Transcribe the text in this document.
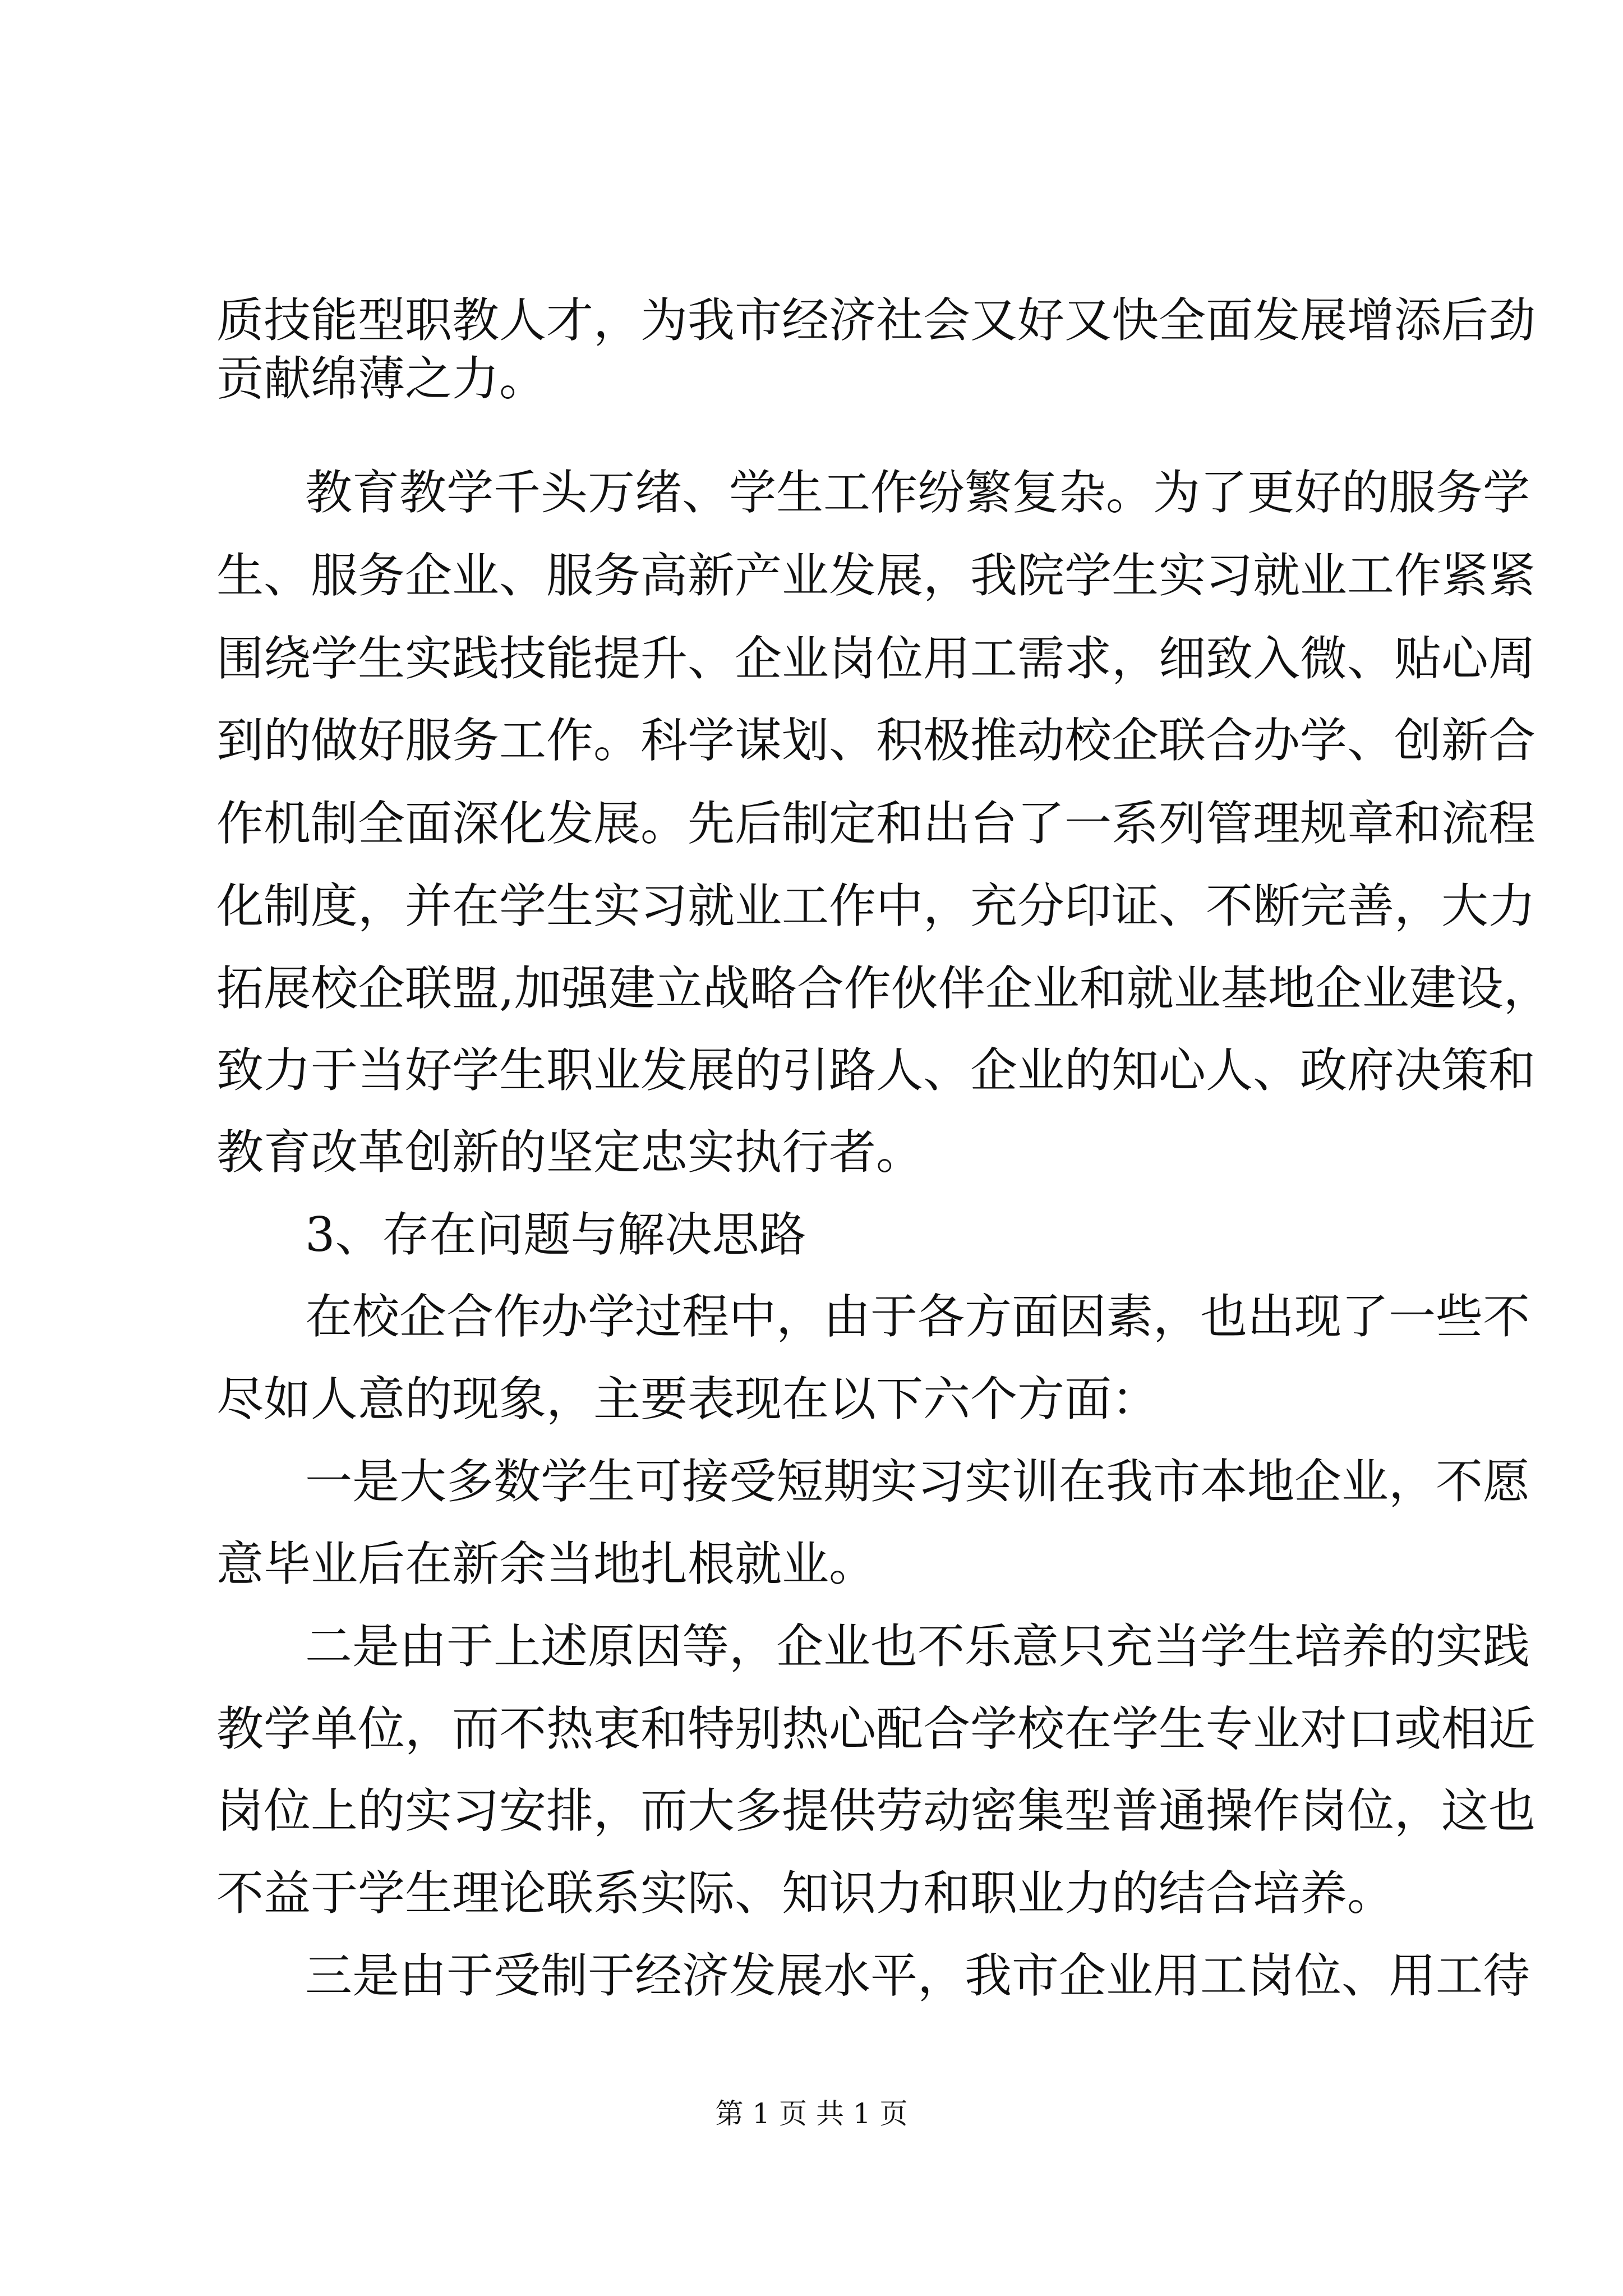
质技能型职教人才，为我市经济社会又好又快全面发展增添后劲
贡献绵薄之力。
教育教学千头万绪、学生工作纷繁复杂。为了更好的服务学
生、服务企业、服务高新产业发展，我院学生实习就业工作紧紧
围绕学生实践技能提升、企业岗位用工需求，细致入微、贴心周
到的做好服务工作。科学谋划、积极推动校企联合办学、创新合
作机制全面深化发展。先后制定和出台了一系列管理规章和流程
化制度，并在学生实习就业工作中，充分印证、不断完善，大力
拓展校企联盟,加强建立战略合作伙伴企业和就业基地企业建设，
致力于当好学生职业发展的引路人、企业的知心人、政府决策和
教育改革创新的坚定忠实执行者。
3、存在问题与解决思路
在校企合作办学过程中，由于各方面因素，也出现了一些不
尽如人意的现象，主要表现在以下六个方面：
一是大多数学生可接受短期实习实训在我市本地企业，不愿
意毕业后在新余当地扎根就业。
二是由于上述原因等，企业也不乐意只充当学生培养的实践
教学单位，而不热衷和特别热心配合学校在学生专业对口或相近
岗位上的实习安排，而大多提供劳动密集型普通操作岗位，这也
不益于学生理论联系实际、知识力和职业力的结合培养。
三是由于受制于经济发展水平，我市企业用工岗位、用工待
第 1 页 共 1 页
